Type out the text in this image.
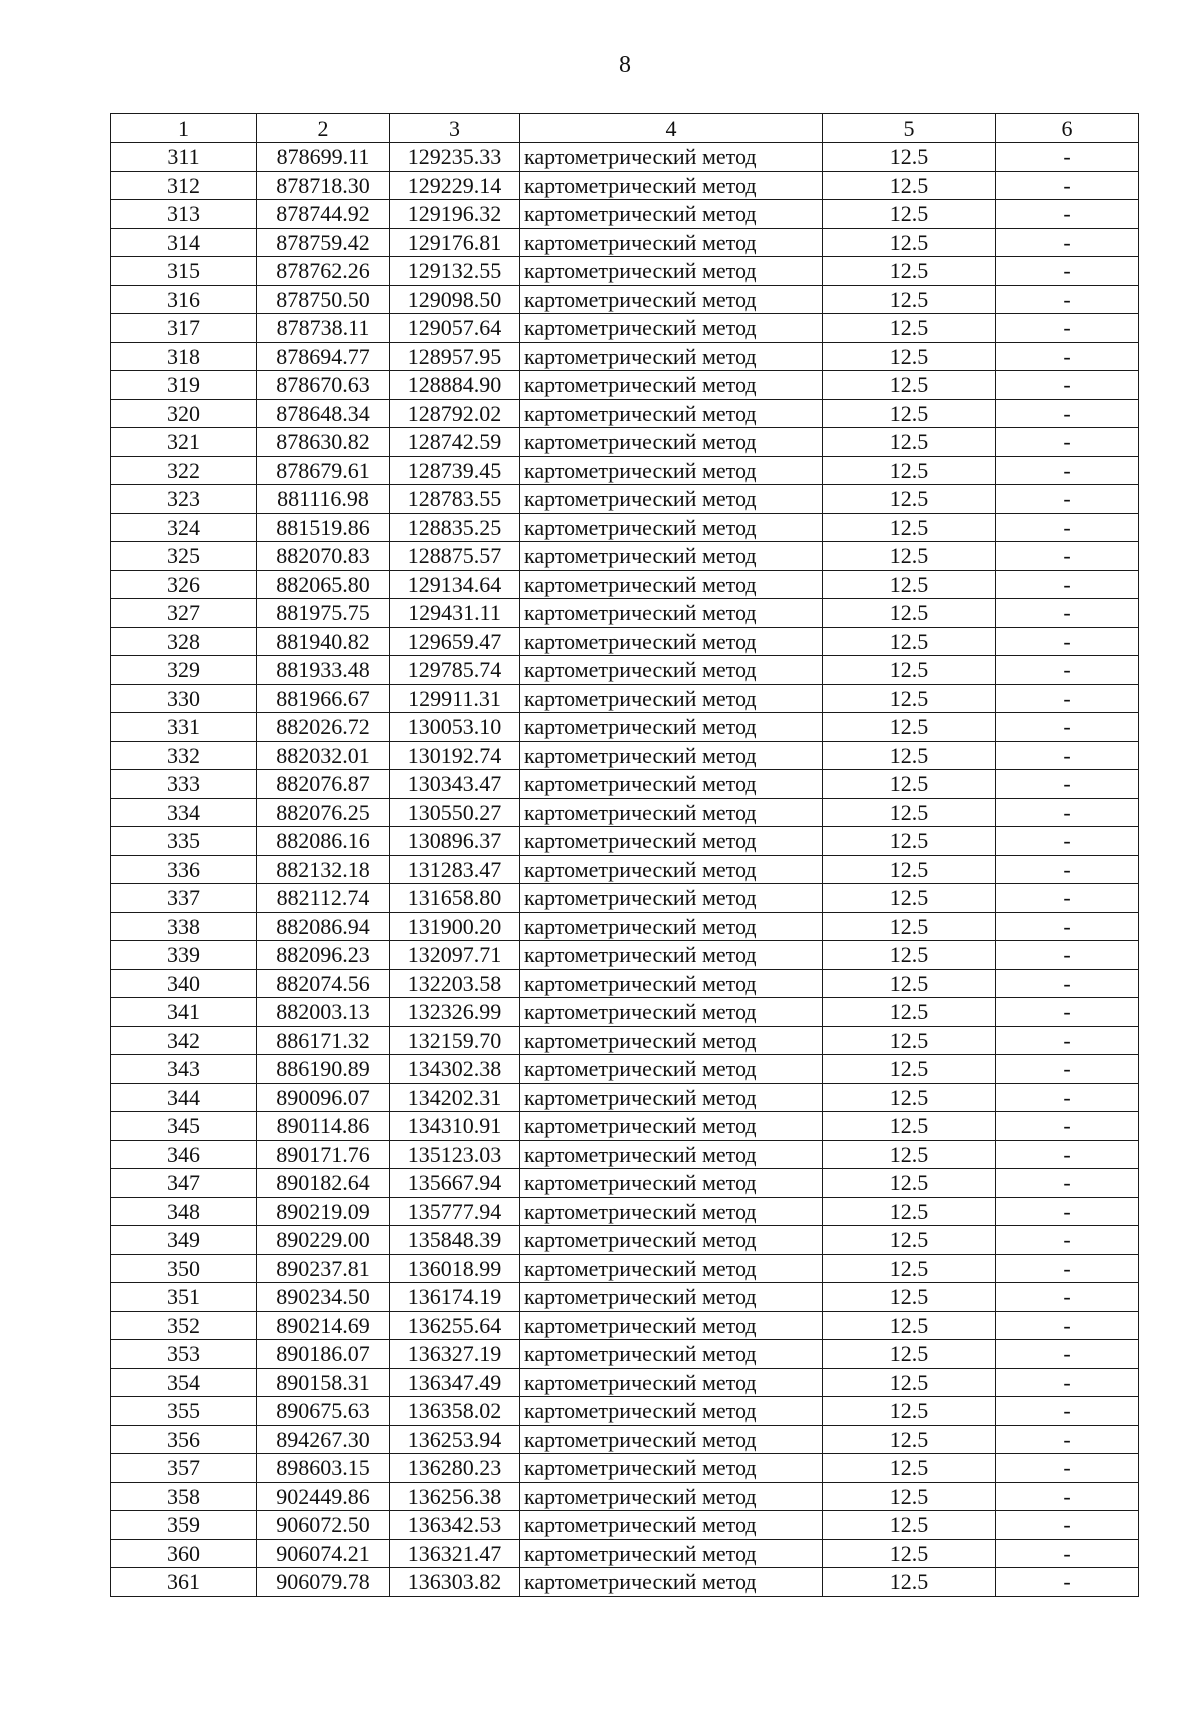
8
1	2	3	4	5	6
311	878699.11	129235.33	картометрический метод	12.5	-
312	878718.30	129229.14	картометрический метод	12.5	-
313	878744.92	129196.32	картометрический метод	12.5	-
314	878759.42	129176.81	картометрический метод	12.5	-
315	878762.26	129132.55	картометрический метод	12.5	-
316	878750.50	129098.50	картометрический метод	12.5	-
317	878738.11	129057.64	картометрический метод	12.5	-
318	878694.77	128957.95	картометрический метод	12.5	-
319	878670.63	128884.90	картометрический метод	12.5	-
320	878648.34	128792.02	картометрический метод	12.5	-
321	878630.82	128742.59	картометрический метод	12.5	-
322	878679.61	128739.45	картометрический метод	12.5	-
323	881116.98	128783.55	картометрический метод	12.5	-
324	881519.86	128835.25	картометрический метод	12.5	-
325	882070.83	128875.57	картометрический метод	12.5	-
326	882065.80	129134.64	картометрический метод	12.5	-
327	881975.75	129431.11	картометрический метод	12.5	-
328	881940.82	129659.47	картометрический метод	12.5	-
329	881933.48	129785.74	картометрический метод	12.5	-
330	881966.67	129911.31	картометрический метод	12.5	-
331	882026.72	130053.10	картометрический метод	12.5	-
332	882032.01	130192.74	картометрический метод	12.5	-
333	882076.87	130343.47	картометрический метод	12.5	-
334	882076.25	130550.27	картометрический метод	12.5	-
335	882086.16	130896.37	картометрический метод	12.5	-
336	882132.18	131283.47	картометрический метод	12.5	-
337	882112.74	131658.80	картометрический метод	12.5	-
338	882086.94	131900.20	картометрический метод	12.5	-
339	882096.23	132097.71	картометрический метод	12.5	-
340	882074.56	132203.58	картометрический метод	12.5	-
341	882003.13	132326.99	картометрический метод	12.5	-
342	886171.32	132159.70	картометрический метод	12.5	-
343	886190.89	134302.38	картометрический метод	12.5	-
344	890096.07	134202.31	картометрический метод	12.5	-
345	890114.86	134310.91	картометрический метод	12.5	-
346	890171.76	135123.03	картометрический метод	12.5	-
347	890182.64	135667.94	картометрический метод	12.5	-
348	890219.09	135777.94	картометрический метод	12.5	-
349	890229.00	135848.39	картометрический метод	12.5	-
350	890237.81	136018.99	картометрический метод	12.5	-
351	890234.50	136174.19	картометрический метод	12.5	-
352	890214.69	136255.64	картометрический метод	12.5	-
353	890186.07	136327.19	картометрический метод	12.5	-
354	890158.31	136347.49	картометрический метод	12.5	-
355	890675.63	136358.02	картометрический метод	12.5	-
356	894267.30	136253.94	картометрический метод	12.5	-
357	898603.15	136280.23	картометрический метод	12.5	-
358	902449.86	136256.38	картометрический метод	12.5	-
359	906072.50	136342.53	картометрический метод	12.5	-
360	906074.21	136321.47	картометрический метод	12.5	-
361	906079.78	136303.82	картометрический метод	12.5	-
